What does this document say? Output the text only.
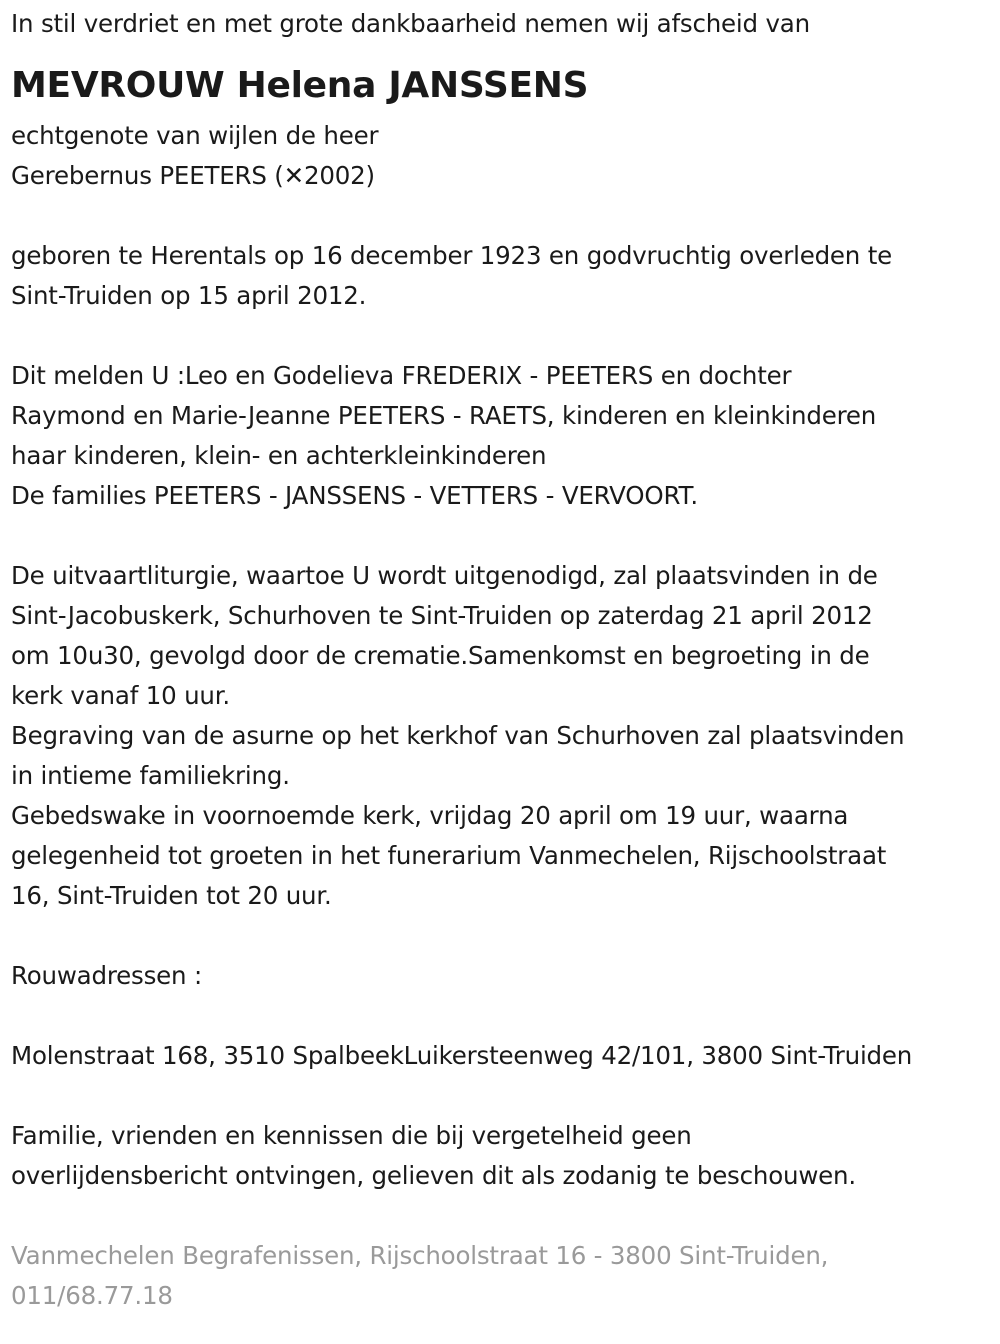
In stil verdriet en met grote dankbaarheid nemen wij afscheid van
MEVROUW Helena JANSSENS
echtgenote van wijlen de heer
Gerebernus PEETERS (✕2002)
geboren te Herentals op 16 december 1923 en godvruchtig overleden te
Sint-Truiden op 15 april 2012.
Dit melden U :Leo en Godelieva FREDERIX - PEETERS en dochter
Raymond en Marie-Jeanne PEETERS - RAETS, kinderen en kleinkinderen
haar kinderen, klein- en achterkleinkinderen
De families PEETERS - JANSSENS - VETTERS - VERVOORT.
De uitvaartliturgie, waartoe U wordt uitgenodigd, zal plaatsvinden in de
Sint-Jacobuskerk, Schurhoven te Sint-Truiden op zaterdag 21 april 2012
om 10u30, gevolgd door de crematie.Samenkomst en begroeting in de
kerk vanaf 10 uur.
Begraving van de asurne op het kerkhof van Schurhoven zal plaatsvinden
in intieme familiekring.
Gebedswake in voornoemde kerk, vrijdag 20 april om 19 uur, waarna
gelegenheid tot groeten in het funerarium Vanmechelen, Rijschoolstraat
16, Sint-Truiden tot 20 uur.
Rouwadressen :
Molenstraat 168, 3510 SpalbeekLuikersteenweg 42/101, 3800 Sint-Truiden
Familie, vrienden en kennissen die bij vergetelheid geen
overlijdensbericht ontvingen, gelieven dit als zodanig te beschouwen.
Vanmechelen Begrafenissen, Rijschoolstraat 16 - 3800 Sint-Truiden,
011/68.77.18
